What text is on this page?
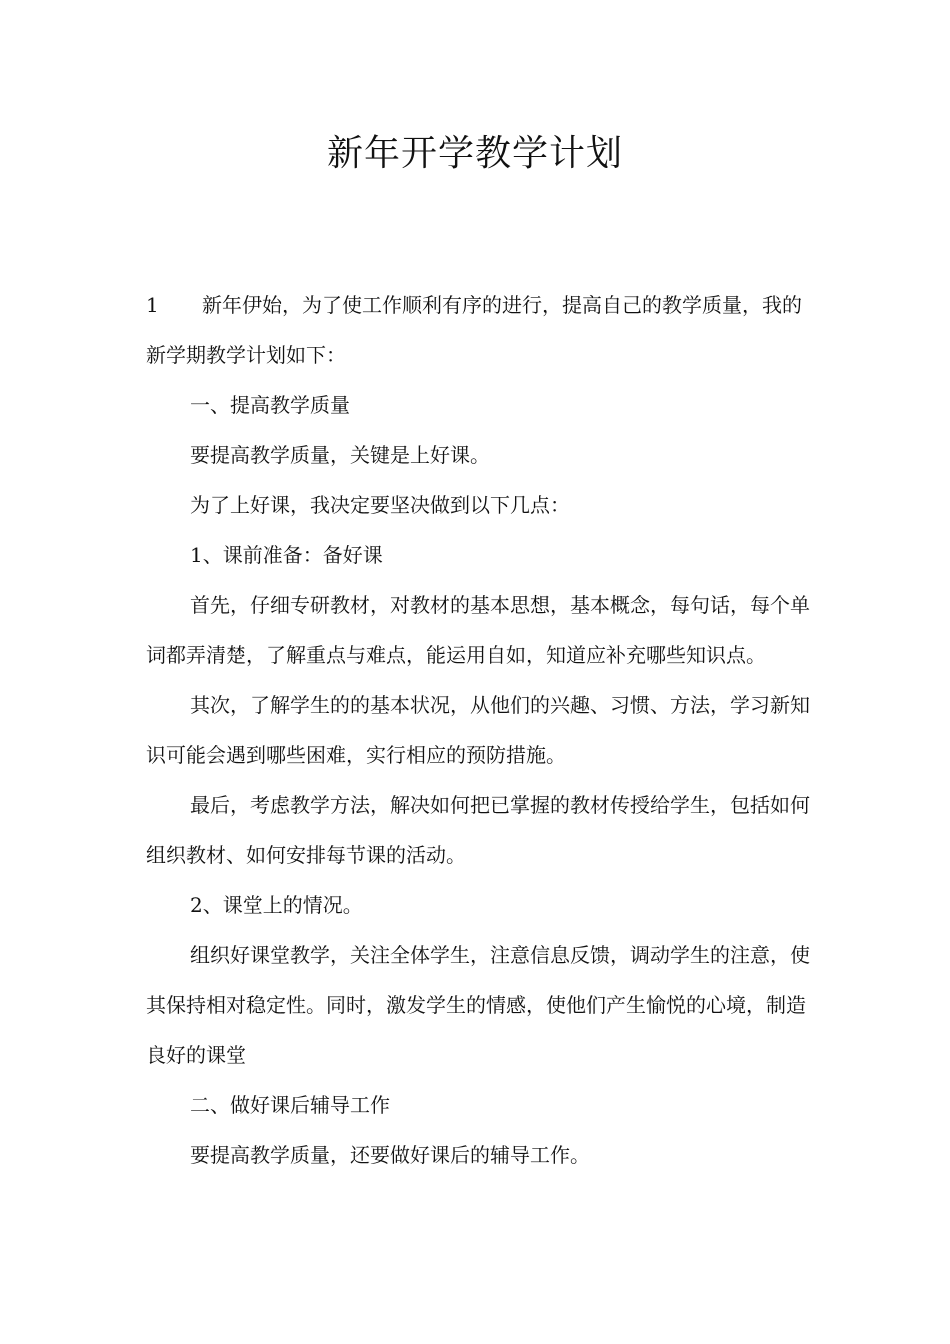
新年开学教学计划

1 新年伊始，为了使工作顺利有序的进行，提高自己的教学质量，我的新学期教学计划如下：

一、提高教学质量

要提高教学质量，关键是上好课。

为了上好课，我决定要坚决做到以下几点：

1、课前准备：备好课

首先，仔细专研教材，对教材的基本思想，基本概念，每句话，每个单词都弄清楚，了解重点与难点，能运用自如，知道应补充哪些知识点。

其次，了解学生的的基本状况，从他们的兴趣、习惯、方法，学习新知识可能会遇到哪些困难，实行相应的预防措施。

最后，考虑教学方法，解决如何把已掌握的教材传授给学生，包括如何组织教材、如何安排每节课的活动。

2、课堂上的情况。

组织好课堂教学，关注全体学生，注意信息反馈，调动学生的注意，使其保持相对稳定性。同时，激发学生的情感，使他们产生愉悦的心境，制造良好的课堂

二、做好课后辅导工作

要提高教学质量，还要做好课后的辅导工作。
